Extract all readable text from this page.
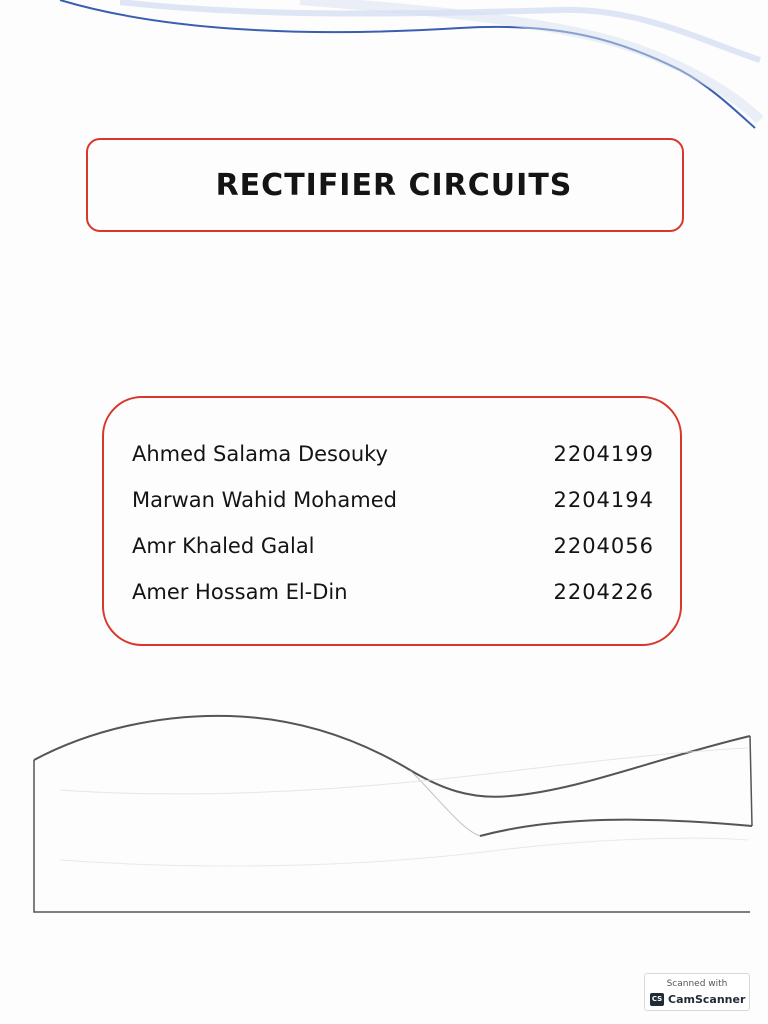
RECTIFIER CIRCUITS
Ahmed Salama Desouky	2204199
Marwan Wahid Mohamed	2204194
Amr Khaled Galal	2204056
Amer Hossam El-Din	2204226
Scanned with
CS CamScanner
